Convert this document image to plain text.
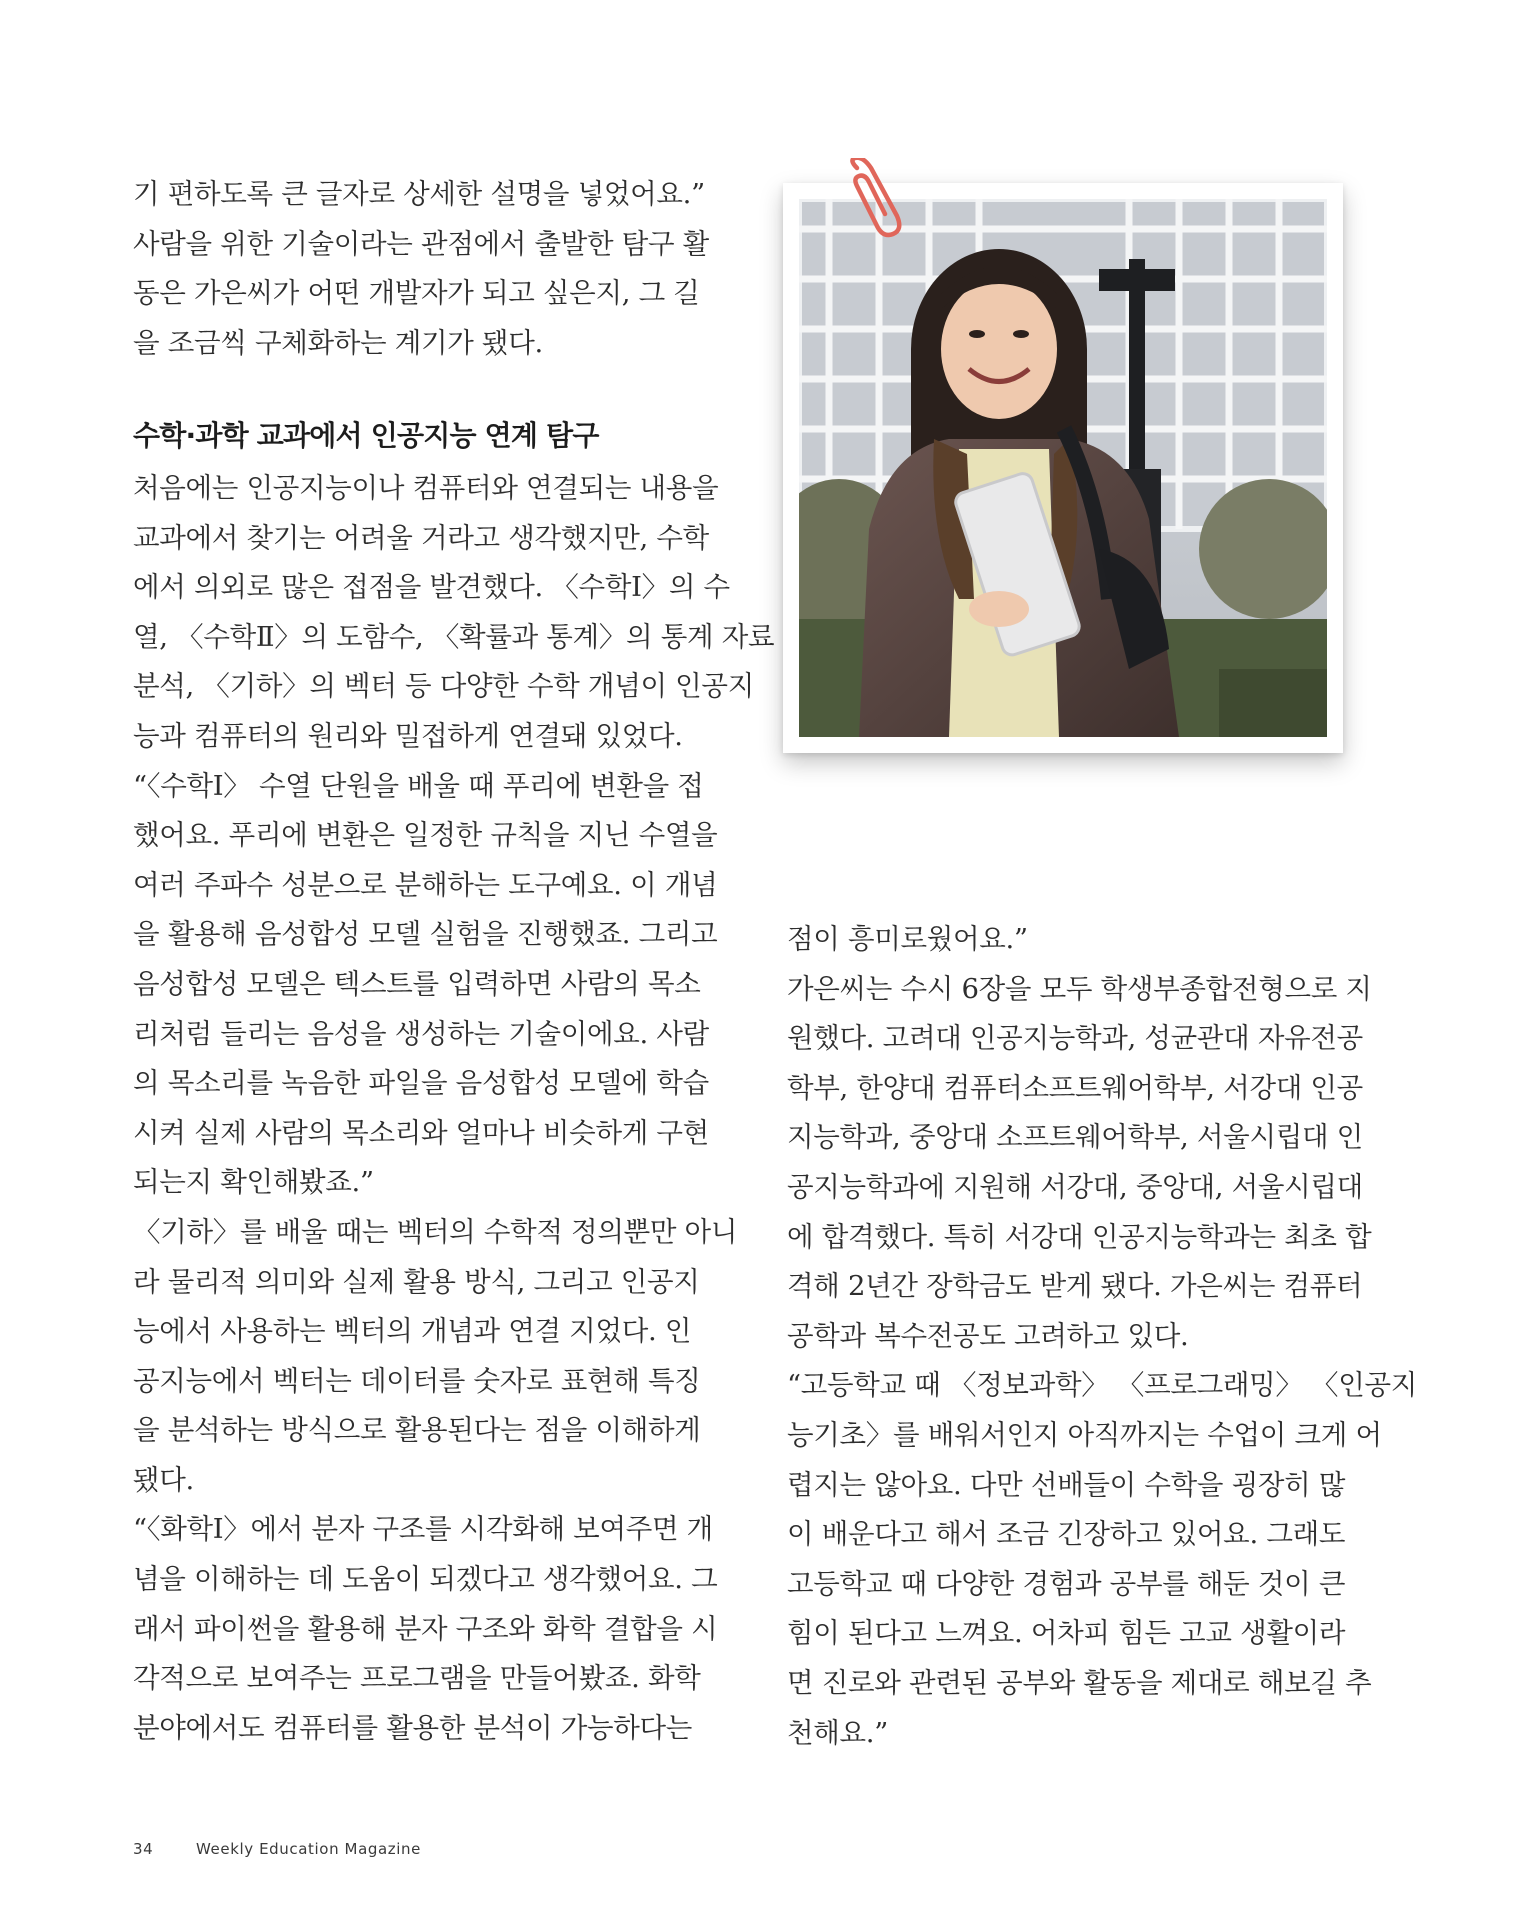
기 편하도록 큰 글자로 상세한 설명을 넣었어요.”
사람을 위한 기술이라는 관점에서 출발한 탐구 활
동은 가은씨가 어떤 개발자가 되고 싶은지, 그 길
을 조금씩 구체화하는 계기가 됐다.
수학·과학 교과에서 인공지능 연계 탐구
처음에는 인공지능이나 컴퓨터와 연결되는 내용을
교과에서 찾기는 어려울 거라고 생각했지만, 수학
에서 의외로 많은 접점을 발견했다. 〈수학Ⅰ〉의 수
열, 〈수학Ⅱ〉의 도함수, 〈확률과 통계〉의 통계 자료
분석, 〈기하〉의 벡터 등 다양한 수학 개념이 인공지
능과 컴퓨터의 원리와 밀접하게 연결돼 있었다.
“〈수학Ⅰ〉 수열 단원을 배울 때 푸리에 변환을 접
했어요. 푸리에 변환은 일정한 규칙을 지닌 수열을
여러 주파수 성분으로 분해하는 도구예요. 이 개념
을 활용해 음성합성 모델 실험을 진행했죠. 그리고
음성합성 모델은 텍스트를 입력하면 사람의 목소
리처럼 들리는 음성을 생성하는 기술이에요. 사람
의 목소리를 녹음한 파일을 음성합성 모델에 학습
시켜 실제 사람의 목소리와 얼마나 비슷하게 구현
되는지 확인해봤죠.”
〈기하〉를 배울 때는 벡터의 수학적 정의뿐만 아니
라 물리적 의미와 실제 활용 방식, 그리고 인공지
능에서 사용하는 벡터의 개념과 연결 지었다. 인
공지능에서 벡터는 데이터를 숫자로 표현해 특징
을 분석하는 방식으로 활용된다는 점을 이해하게
됐다.
“〈화학Ⅰ〉에서 분자 구조를 시각화해 보여주면 개
념을 이해하는 데 도움이 되겠다고 생각했어요. 그
래서 파이썬을 활용해 분자 구조와 화학 결합을 시
각적으로 보여주는 프로그램을 만들어봤죠. 화학
분야에서도 컴퓨터를 활용한 분석이 가능하다는
점이 흥미로웠어요.”
가은씨는 수시 6장을 모두 학생부종합전형으로 지
원했다. 고려대 인공지능학과, 성균관대 자유전공
학부, 한양대 컴퓨터소프트웨어학부, 서강대 인공
지능학과, 중앙대 소프트웨어학부, 서울시립대 인
공지능학과에 지원해 서강대, 중앙대, 서울시립대
에 합격했다. 특히 서강대 인공지능학과는 최초 합
격해 2년간 장학금도 받게 됐다. 가은씨는 컴퓨터
공학과 복수전공도 고려하고 있다.
“고등학교 때 〈정보과학〉 〈프로그래밍〉 〈인공지
능기초〉를 배워서인지 아직까지는 수업이 크게 어
렵지는 않아요. 다만 선배들이 수학을 굉장히 많
이 배운다고 해서 조금 긴장하고 있어요. 그래도
고등학교 때 다양한 경험과 공부를 해둔 것이 큰
힘이 된다고 느껴요. 어차피 힘든 고교 생활이라
면 진로와 관련된 공부와 활동을 제대로 해보길 추
천해요.”
34	Weekly Education Magazine
